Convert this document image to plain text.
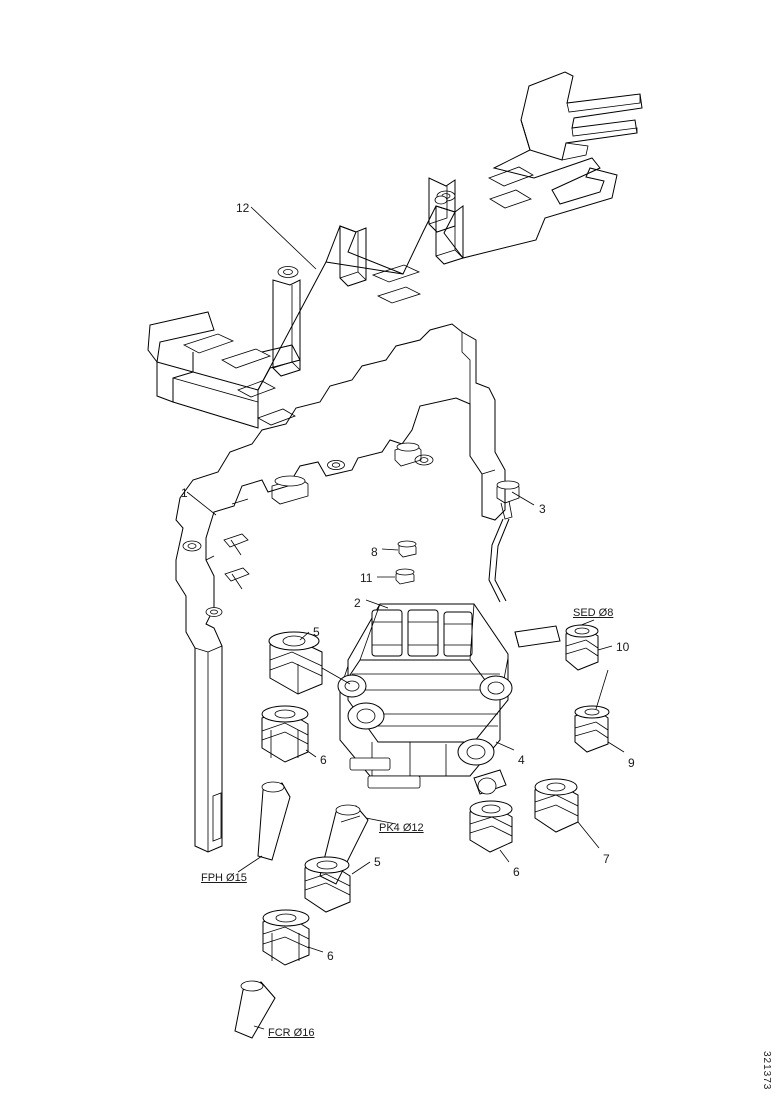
12
1
3
8
11
2
10
5
6	9
4
7
6
5
6
SED Ø8
PK4 Ø12
FPH Ø15
FCR Ø16
321373
